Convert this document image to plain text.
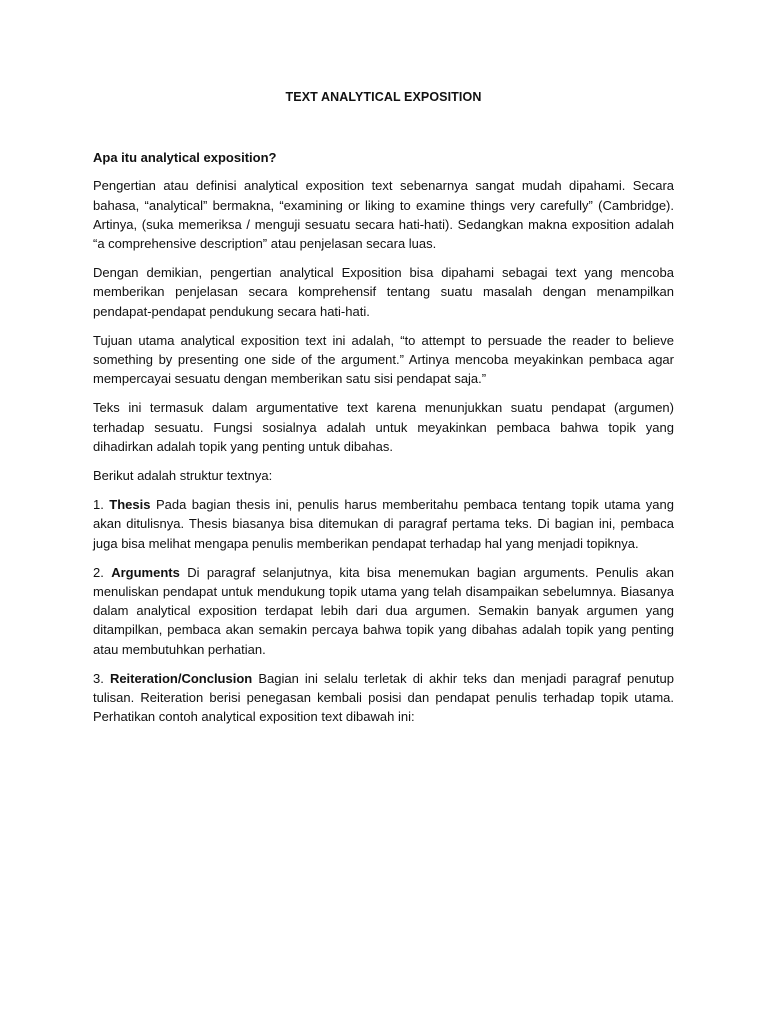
TEXT ANALYTICAL EXPOSITION
Apa itu analytical exposition?

Pengertian atau definisi analytical exposition text sebenarnya sangat mudah dipahami. Secara bahasa, “analytical” bermakna, “examining or liking to examine things very carefully” (Cambridge). Artinya, (suka memeriksa / menguji sesuatu secara hati-hati). Sedangkan makna exposition adalah “a comprehensive description” atau penjelasan secara luas.

Dengan demikian, pengertian analytical Exposition bisa dipahami sebagai text yang mencoba memberikan penjelasan secara komprehensif tentang suatu masalah dengan menampilkan pendapat-pendapat pendukung secara hati-hati.

Tujuan utama analytical exposition text ini adalah, “to attempt to persuade the reader to believe something by presenting one side of the argument.” Artinya mencoba meyakinkan pembaca agar mempercayai sesuatu dengan memberikan satu sisi pendapat saja.”

Teks ini termasuk dalam argumentative text karena menunjukkan suatu pendapat (argumen) terhadap sesuatu. Fungsi sosialnya adalah untuk meyakinkan pembaca bahwa topik yang dihadirkan adalah topik yang penting untuk dibahas.

Berikut adalah struktur textnya:

1. Thesis Pada bagian thesis ini, penulis harus memberitahu pembaca tentang topik utama yang akan ditulisnya. Thesis biasanya bisa ditemukan di paragraf pertama teks. Di bagian ini, pembaca juga bisa melihat mengapa penulis memberikan pendapat terhadap hal yang menjadi topiknya.

2. Arguments Di paragraf selanjutnya, kita bisa menemukan bagian arguments. Penulis akan menuliskan pendapat untuk mendukung topik utama yang telah disampaikan sebelumnya. Biasanya dalam analytical exposition terdapat lebih dari dua argumen. Semakin banyak argumen yang ditampilkan, pembaca akan semakin percaya bahwa topik yang dibahas adalah topik yang penting atau membutuhkan perhatian.

3. Reiteration/Conclusion Bagian ini selalu terletak di akhir teks dan menjadi paragraf penutup tulisan. Reiteration berisi penegasan kembali posisi dan pendapat penulis terhadap topik utama. Perhatikan contoh analytical exposition text dibawah ini:
